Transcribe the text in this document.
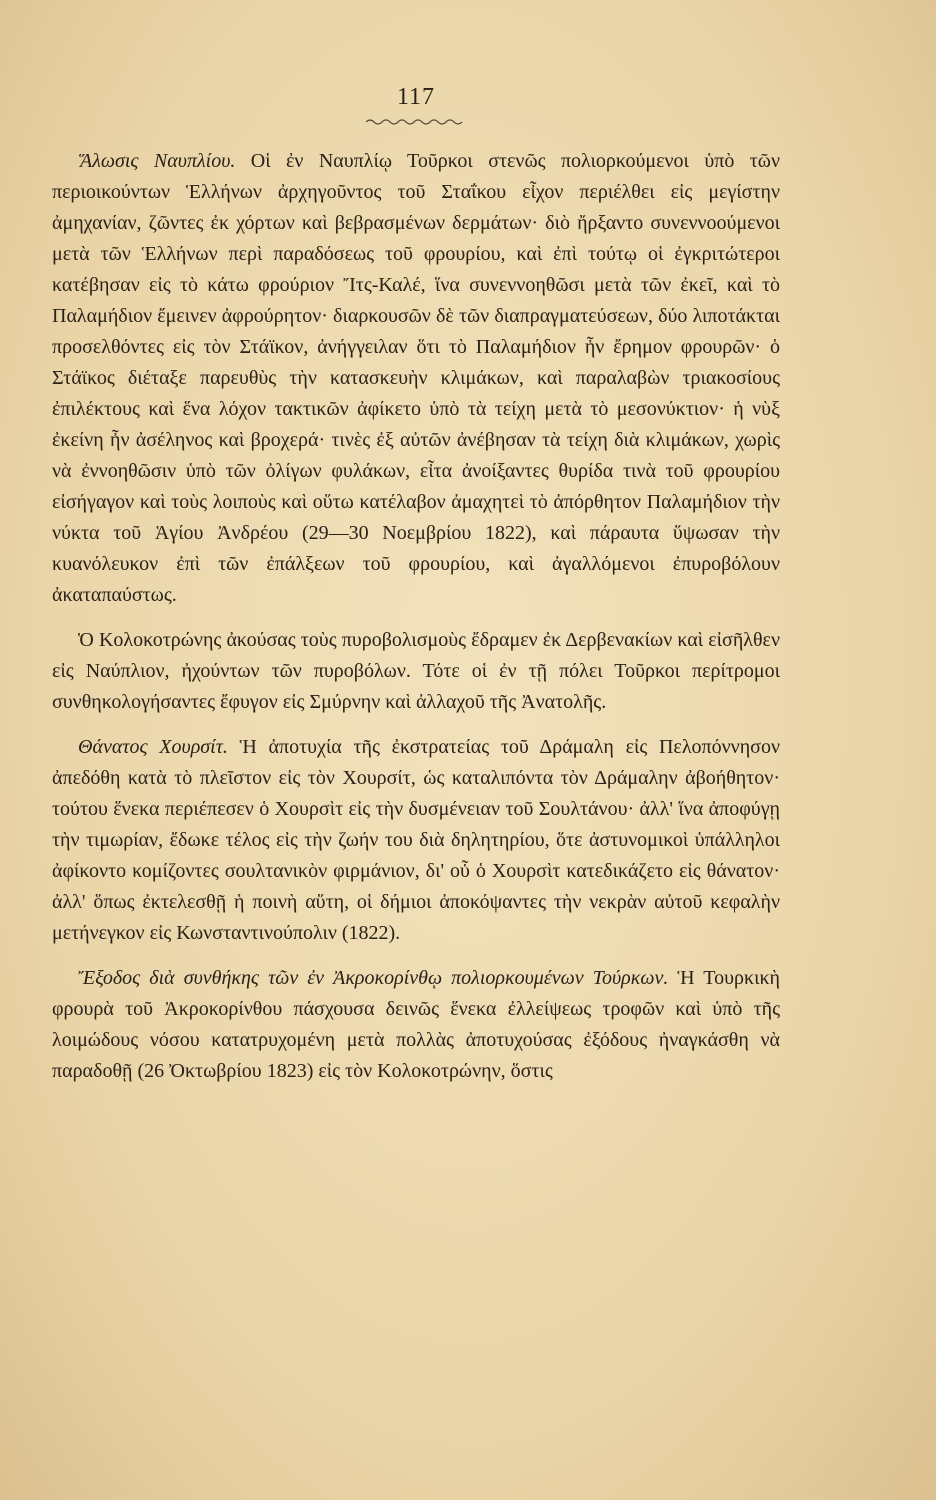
117

Ἅλωσις Ναυπλίου. Οἱ ἐν Ναυπλίῳ Τοῦρκοι στενῶς πολιορκούμενοι ὑπὸ τῶν περιοικούντων Ἑλλήνων ἀρχηγοῦντος τοῦ Σταΐκου εἶχον περιέλθει εἰς μεγίστην ἀμηχανίαν, ζῶντες ἐκ χόρτων καὶ βεβρασμένων δερμάτων· διὸ ἤρξαντο συνεννοούμενοι μετὰ τῶν Ἑλλήνων περὶ παραδόσεως τοῦ φρουρίου, καὶ ἐπὶ τούτῳ οἱ ἐγκριτώτεροι κατέβησαν εἰς τὸ κάτω φρούριον Ἴτς-Καλέ, ἵνα συνεννοηθῶσι μετὰ τῶν ἐκεῖ, καὶ τὸ Παλαμήδιον ἔμεινεν ἀφρούρητον· διαρκουσῶν δὲ τῶν διαπραγματεύσεων, δύο λιποτάκται προσελθόντες εἰς τὸν Στάϊκον, ἀνήγγειλαν ὅτι τὸ Παλαμήδιον ἦν ἔρημον φρουρῶν· ὁ Στάϊκος διέταξε παρευθὺς τὴν κατασκευὴν κλιμάκων, καὶ παραλαβὼν τριακοσίους ἐπιλέκτους καὶ ἕνα λόχον τακτικῶν ἀφίκετο ὑπὸ τὰ τείχη μετὰ τὸ μεσονύκτιον· ἡ νὺξ ἐκείνη ἦν ἀσέληνος καὶ βροχερά· τινὲς ἐξ αὐτῶν ἀνέβησαν τὰ τείχη διὰ κλιμάκων, χωρὶς νὰ ἐννοηθῶσιν ὑπὸ τῶν ὀλίγων φυλάκων, εἶτα ἀνοίξαντες θυρίδα τινὰ τοῦ φρουρίου εἰσήγαγον καὶ τοὺς λοιποὺς καὶ οὕτω κατέλαβον ἀμαχητεὶ τὸ ἀπόρθητον Παλαμήδιον τὴν νύκτα τοῦ Ἁγίου Ἀνδρέου (29—30 Νοεμβρίου 1822), καὶ πάραυτα ὕψωσαν τὴν κυανόλευκον ἐπὶ τῶν ἐπάλξεων τοῦ φρουρίου, καὶ ἀγαλλόμενοι ἐπυροβόλουν ἀκαταπαύστως.

Ὁ Κολοκοτρώνης ἀκούσας τοὺς πυροβολισμοὺς ἔδραμεν ἐκ Δερβενακίων καὶ εἰσῆλθεν εἰς Ναύπλιον, ἠχούντων τῶν πυροβόλων. Τότε οἱ ἐν τῇ πόλει Τοῦρκοι περίτρομοι συνθηκολογήσαντες ἔφυγον εἰς Σμύρνην καὶ ἀλλαχοῦ τῆς Ἀνατολῆς.

Θάνατος Χουρσίτ. Ἡ ἀποτυχία τῆς ἐκστρατείας τοῦ Δράμαλη εἰς Πελοπόννησον ἀπεδόθη κατὰ τὸ πλεῖστον εἰς τὸν Χουρσίτ, ὡς καταλιπόντα τὸν Δράμαλην ἀβοήθητον· τούτου ἕνεκα περιέπεσεν ὁ Χουρσὶτ εἰς τὴν δυσμένειαν τοῦ Σουλτάνου· ἀλλ' ἵνα ἀποφύγῃ τὴν τιμωρίαν, ἔδωκε τέλος εἰς τὴν ζωήν του διὰ δηλητηρίου, ὅτε ἀστυνομικοὶ ὑπάλληλοι ἀφίκοντο κομίζοντες σουλτανικὸν φιρμάνιον, δι' οὗ ὁ Χουρσὶτ κατεδικάζετο εἰς θάνατον· ἀλλ' ὅπως ἐκτελεσθῇ ἡ ποινὴ αὕτη, οἱ δήμιοι ἀποκόψαντες τὴν νεκρὰν αὐτοῦ κεφαλὴν μετήνεγκον εἰς Κωνσταντινούπολιν (1822).

Ἔξοδος διὰ συνθήκης τῶν ἐν Ἀκροκορίνθῳ πολιορκουμένων Τούρκων. Ἡ Τουρκικὴ φρουρὰ τοῦ Ἀκροκορίνθου πάσχουσα δεινῶς ἕνεκα ἐλλείψεως τροφῶν καὶ ὑπὸ τῆς λοιμώδους νόσου κατατρυχομένη μετὰ πολλὰς ἀποτυχούσας ἐξόδους ἠναγκάσθη νὰ παραδοθῇ (26 Ὀκτωβρίου 1823) εἰς τὸν Κολοκοτρώνην, ὅστις
